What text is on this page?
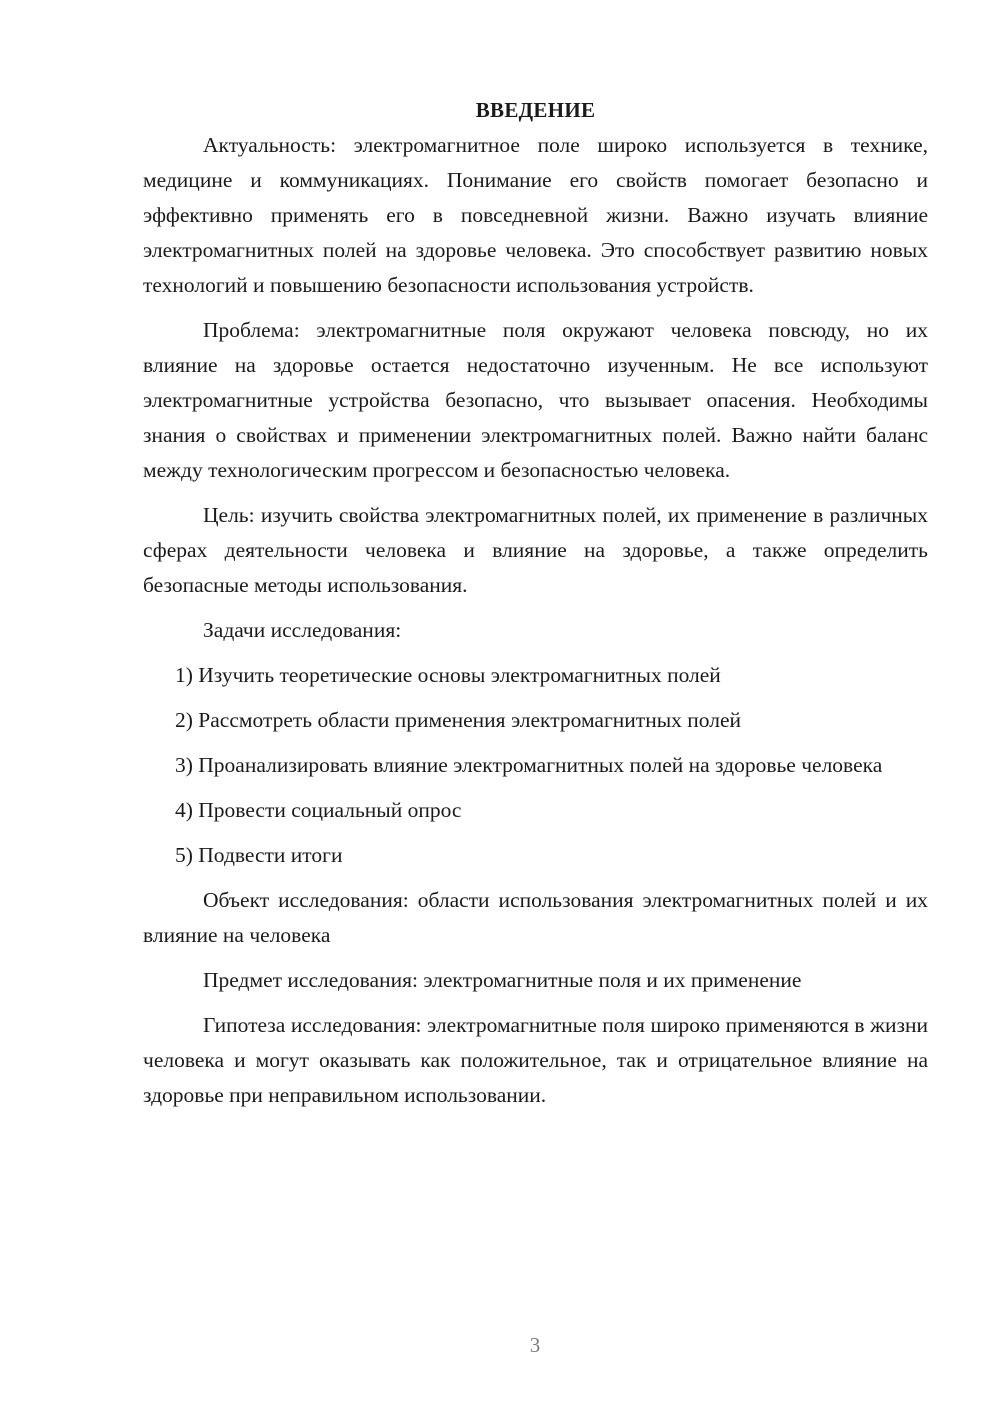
ВВЕДЕНИЕ

Актуальность: электромагнитное поле широко используется в технике, медицине и коммуникациях. Понимание его свойств помогает безопасно и эффективно применять его в повседневной жизни. Важно изучать влияние электромагнитных полей на здоровье человека. Это способствует развитию новых технологий и повышению безопасности использования устройств.

Проблема: электромагнитные поля окружают человека повсюду, но их влияние на здоровье остается недостаточно изученным. Не все используют электромагнитные устройства безопасно, что вызывает опасения. Необходимы знания о свойствах и применении электромагнитных полей. Важно найти баланс между технологическим прогрессом и безопасностью человека.

Цель: изучить свойства электромагнитных полей, их применение в различных сферах деятельности человека и влияние на здоровье, а также определить безопасные методы использования.

Задачи исследования:

1) Изучить теоретические основы электромагнитных полей

2) Рассмотреть области применения электромагнитных полей

3) Проанализировать влияние электромагнитных полей на здоровье человека

4) Провести социальный опрос

5) Подвести итоги

Объект исследования: области использования электромагнитных полей и их влияние на человека

Предмет исследования: электромагнитные поля и их применение

Гипотеза исследования: электромагнитные поля широко применяются в жизни человека и могут оказывать как положительное, так и отрицательное влияние на здоровье при неправильном использовании.

3
